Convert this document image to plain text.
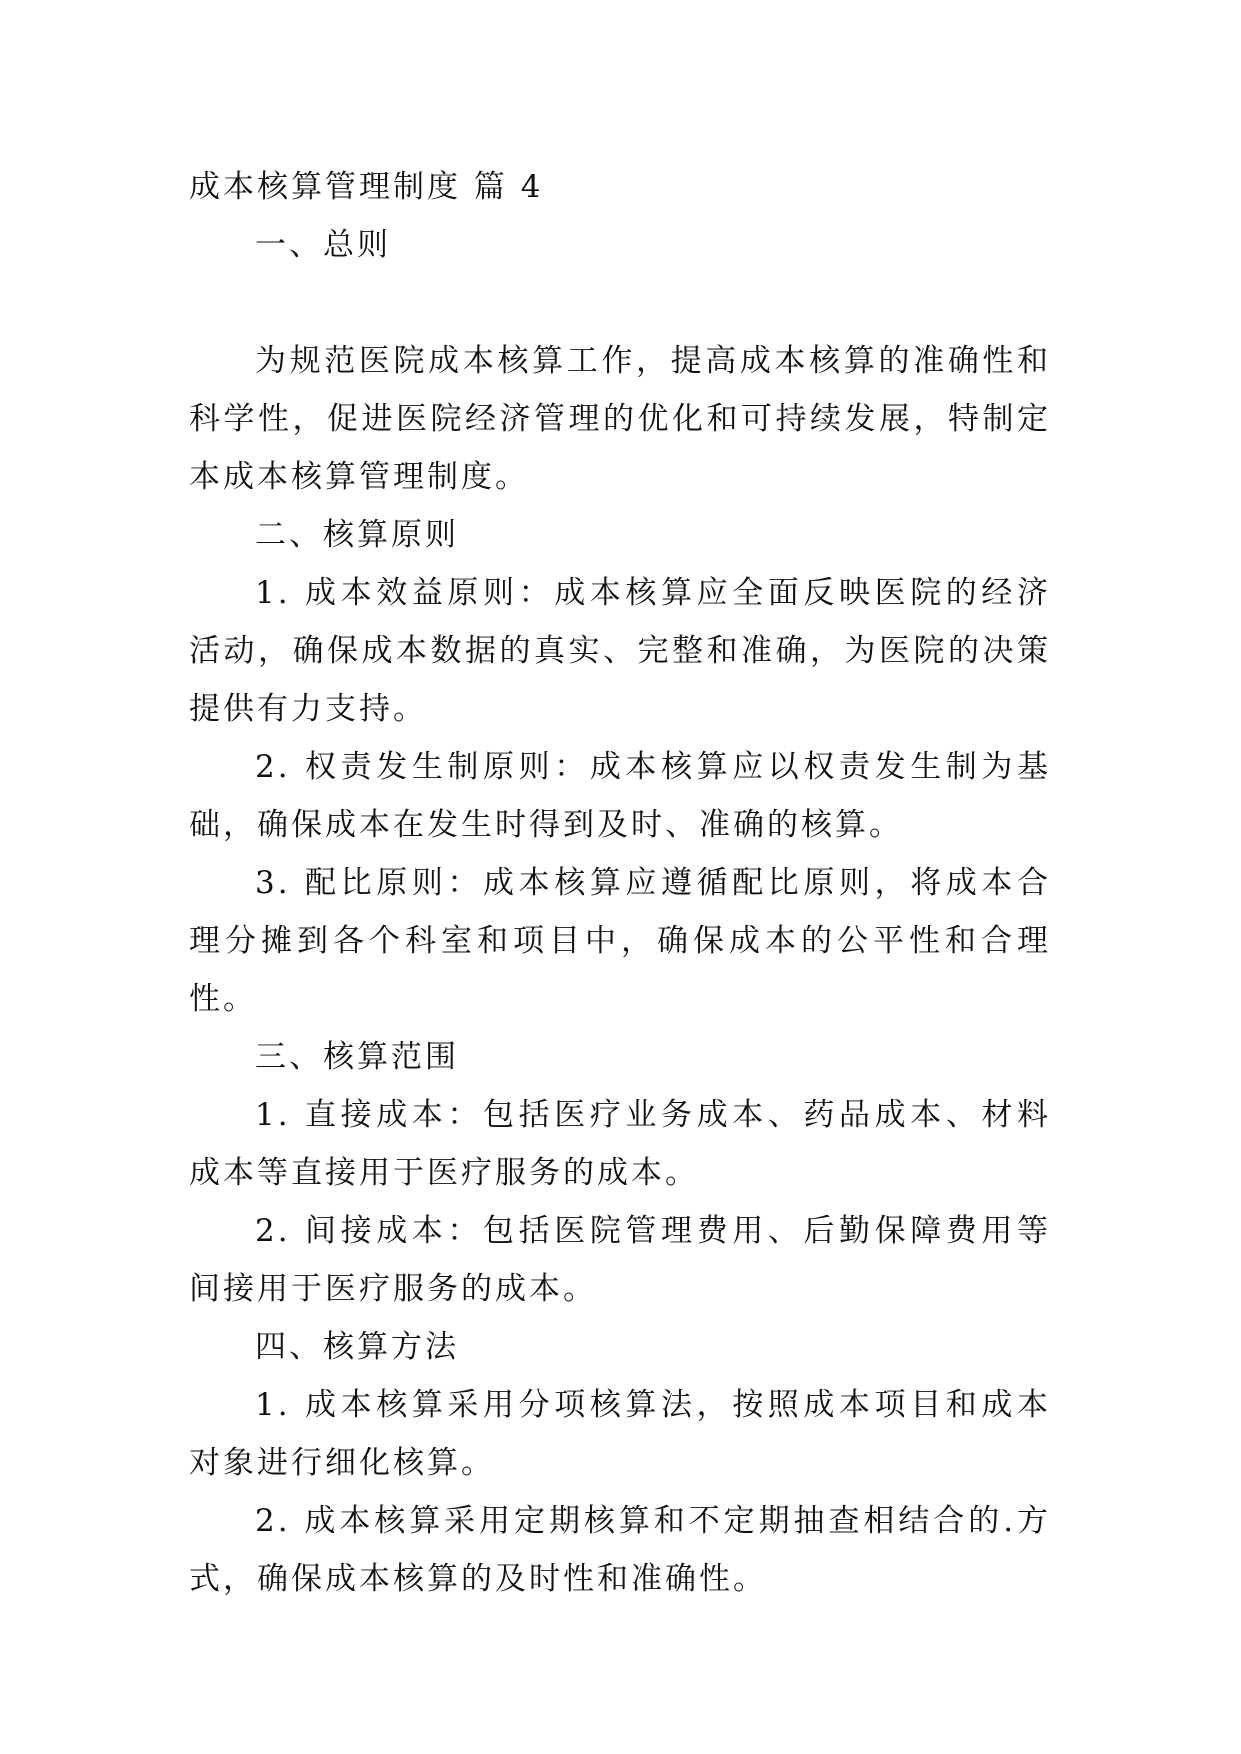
成本核算管理制度 篇 4
一、总则

为规范医院成本核算工作，提高成本核算的准确性和科学性，促进医院经济管理的优化和可持续发展，特制定本成本核算管理制度。

二、核算原则

1. 成本效益原则：成本核算应全面反映医院的经济活动，确保成本数据的真实、完整和准确，为医院的决策提供有力支持。

2. 权责发生制原则：成本核算应以权责发生制为基础，确保成本在发生时得到及时、准确的核算。

3. 配比原则：成本核算应遵循配比原则，将成本合理分摊到各个科室和项目中，确保成本的公平性和合理性。

三、核算范围

1. 直接成本：包括医疗业务成本、药品成本、材料成本等直接用于医疗服务的成本。

2. 间接成本：包括医院管理费用、后勤保障费用等间接用于医疗服务的成本。

四、核算方法

1. 成本核算采用分项核算法，按照成本项目和成本对象进行细化核算。

2. 成本核算采用定期核算和不定期抽查相结合的.方式，确保成本核算的及时性和准确性。
